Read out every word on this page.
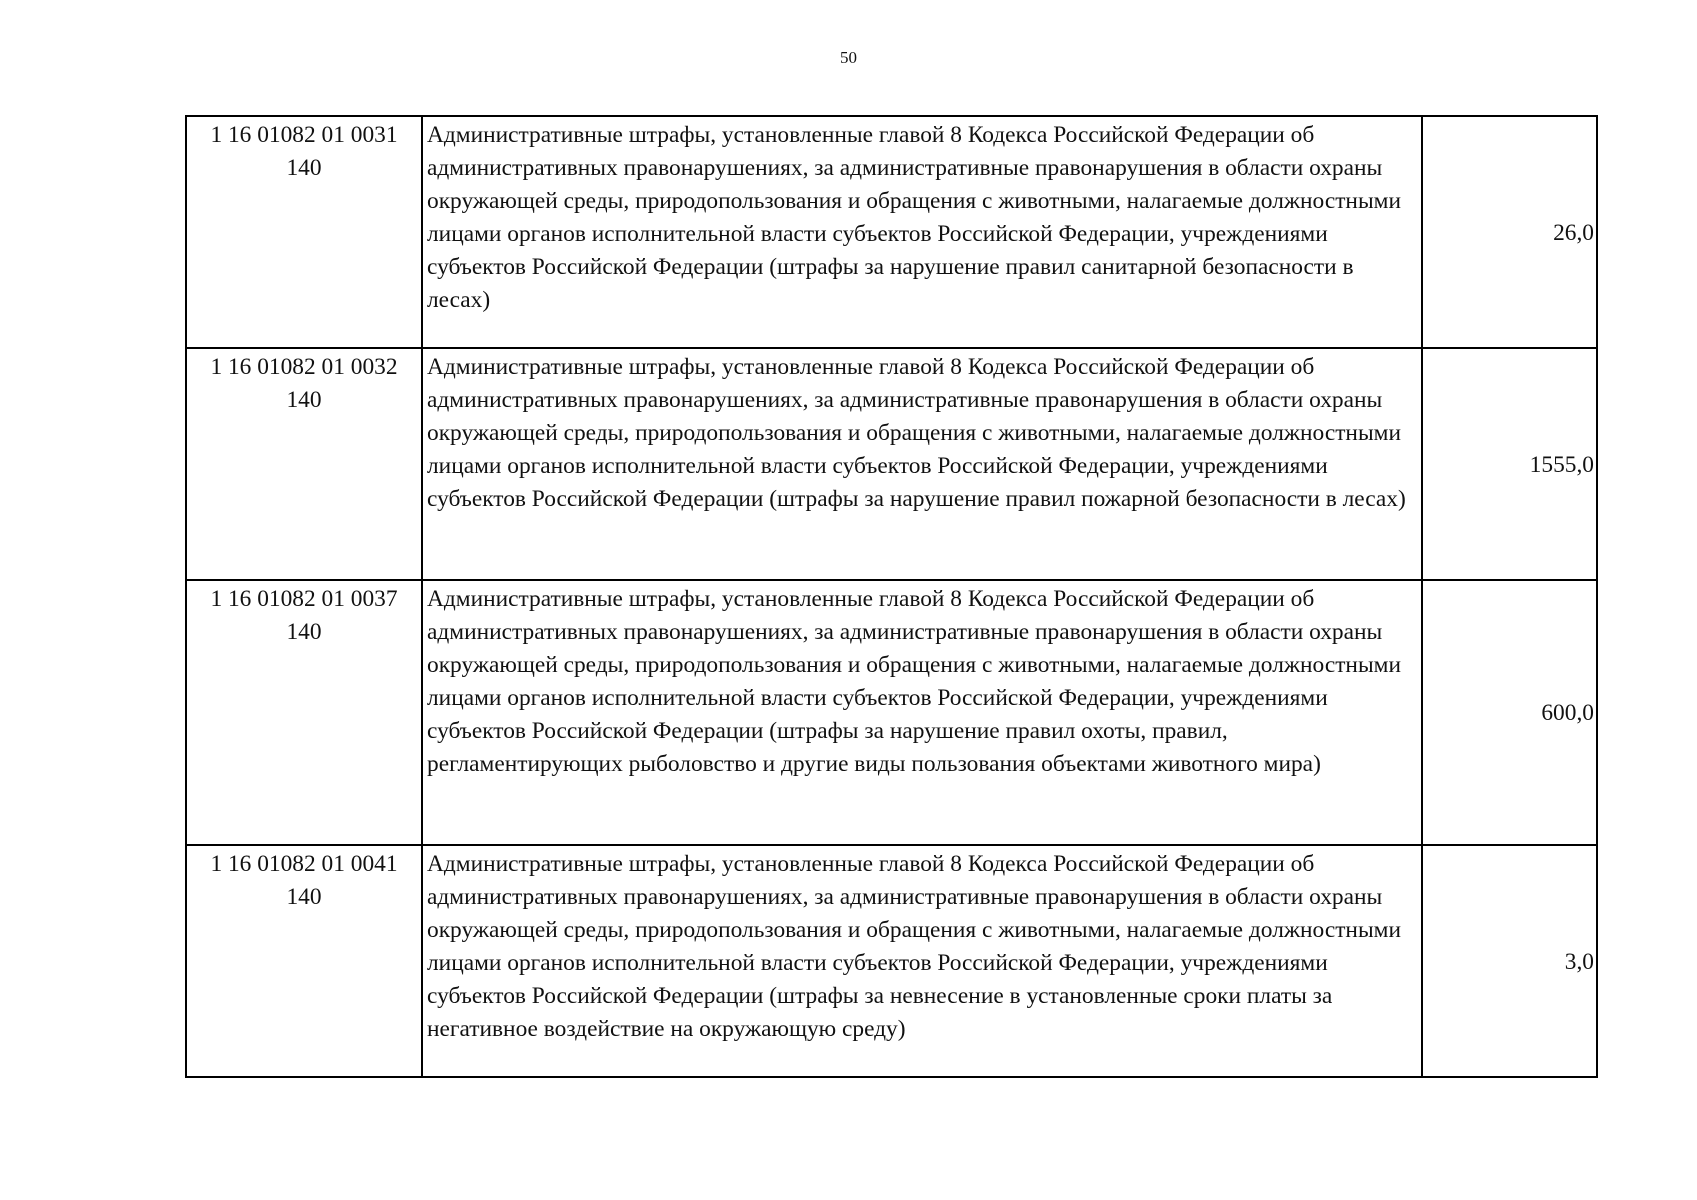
50
1 16 01082 01 0031
140	Административные штрафы, установленные главой 8 Кодекса Российской Федерации об административных правонарушениях, за административные правонарушения в области охраны окружающей среды, природопользования и обращения с животными, налагаемые должностными лицами органов исполнительной власти субъектов Российской Федерации, учреждениями субъектов Российской Федерации (штрафы за нарушение правил санитарной безопасности в лесах)	26,0

1 16 01082 01 0032
140	Административные штрафы, установленные главой 8 Кодекса Российской Федерации об административных правонарушениях, за административные правонарушения в области охраны окружающей среды, природопользования и обращения с животными, налагаемые должностными лицами органов исполнительной власти субъектов Российской Федерации, учреждениями субъектов Российской Федерации (штрафы за нарушение правил пожарной безопасности в лесах)	1555,0

1 16 01082 01 0037
140	Административные штрафы, установленные главой 8 Кодекса Российской Федерации об административных правонарушениях, за административные правонарушения в области охраны окружающей среды, природопользования и обращения с животными, налагаемые должностными лицами органов исполнительной власти субъектов Российской Федерации, учреждениями субъектов Российской Федерации (штрафы за нарушение правил охоты, правил, регламентирующих рыболовство и другие виды пользования объектами животного мира)	600,0

1 16 01082 01 0041
140	Административные штрафы, установленные главой 8 Кодекса Российской Федерации об административных правонарушениях, за административные правонарушения в области охраны окружающей среды, природопользования и обращения с животными, налагаемые должностными лицами органов исполнительной власти субъектов Российской Федерации, учреждениями субъектов Российской Федерации (штрафы за невнесение в установленные сроки платы за негативное воздействие на окружающую среду)	3,0
